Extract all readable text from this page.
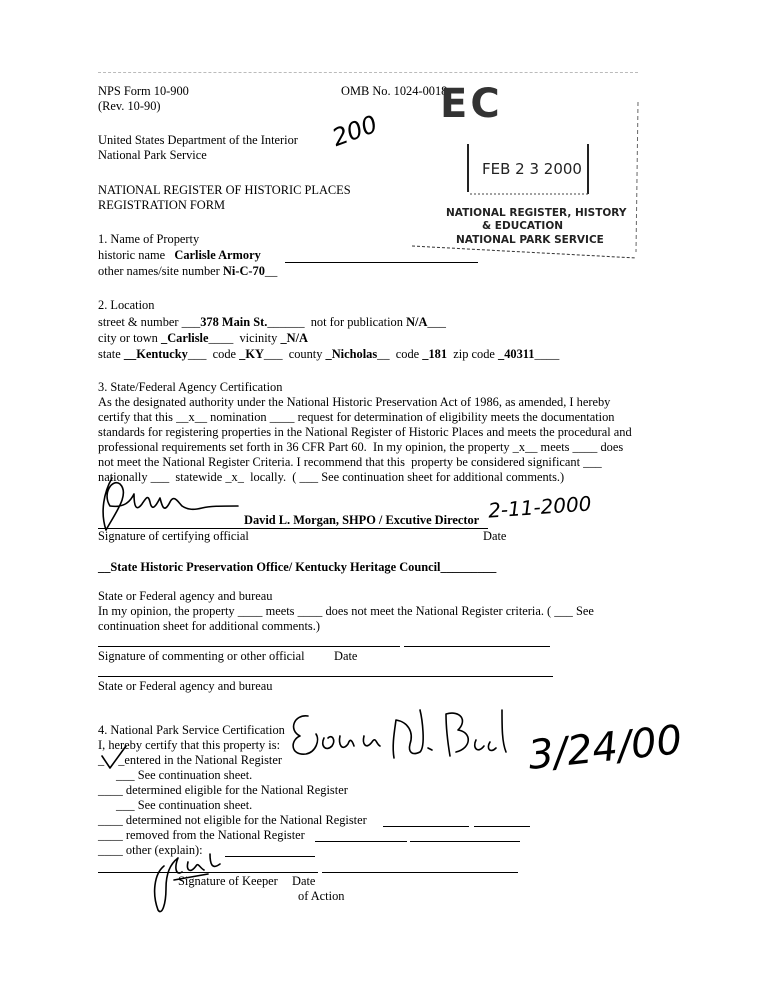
NPS Form 10-900
(Rev. 10-90)
OMB No. 1024-0018
United States Department of the Interior
National Park Service
NATIONAL REGISTER OF HISTORIC PLACES
REGISTRATION FORM
200
EC
FEB 2 3 2000
NATIONAL REGISTER, HISTORY
& EDUCATION
NATIONAL PARK SERVICE
1. Name of Property
historic name Carlisle Armory
other names/site number Ni-C-70__
2. Location
street & number ___378 Main St.______  not for publication N/A___
city or town _Carlisle____  vicinity _N/A
state __Kentucky___  code _KY___  county _Nicholas__  code _181 zip code _40311____
3. State/Federal Agency Certification
As the designated authority under the National Historic Preservation Act of 1986, as amended, I hereby
certify that this __x__ nomination ____ request for determination of eligibility meets the documentation
standards for registering properties in the National Register of Historic Places and meets the procedural and
professional requirements set forth in 36 CFR Part 60.  In my opinion, the property _x__ meets ____ does
not meet the National Register Criteria. I recommend that this  property be considered significant ___
nationally ___  statewide _x_  locally.  ( ___ See continuation sheet for additional comments.)
David L. Morgan, SHPO / Excutive Director 2-11-2000
Signature of certifying official	Date
__State Historic Preservation Office/ Kentucky Heritage Council_________
State or Federal agency and bureau
In my opinion, the property ____ meets ____ does not meet the National Register criteria. ( ___ See
continuation sheet for additional comments.)
Signature of commenting or other official Date
State or Federal agency and bureau
4. National Park Service Certification
I, hereby certify that this property is:
_ _entered in the National Register
___ See continuation sheet.
____ determined eligible for the National Register
___ See continuation sheet.
____ determined not eligible for the National Register
____ removed from the National Register
____ other (explain):
Signature of Keeper Date
of Action
3/24/00
